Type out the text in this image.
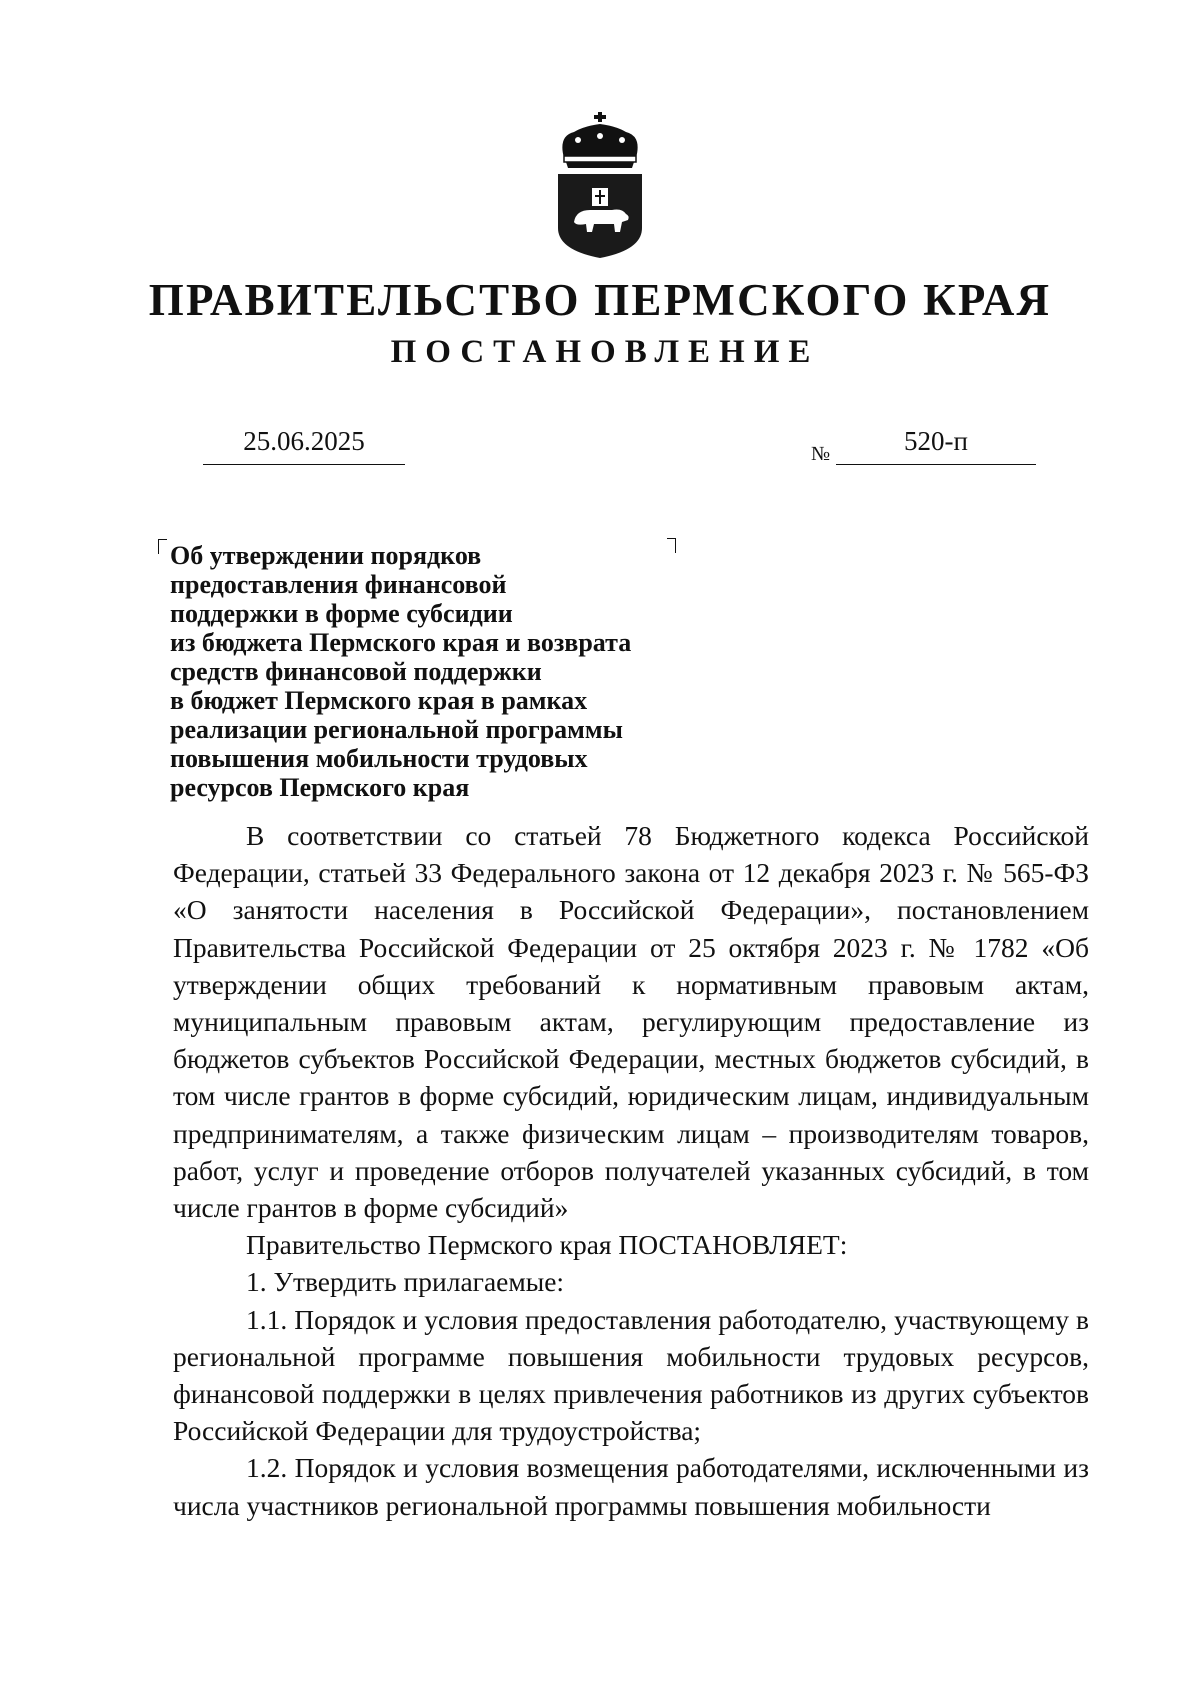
ПРАВИТЕЛЬСТВО ПЕРМСКОГО КРАЯ
ПОСТАНОВЛЕНИЕ
25.06.2025	№	520-п
Об утверждении порядков
предоставления финансовой
поддержки в форме субсидии
из бюджета Пермского края и возврата
средств финансовой поддержки
в бюджет Пермского края в рамках
реализации региональной программы
повышения мобильности трудовых
ресурсов Пермского края

В соответствии со статьей 78 Бюджетного кодекса Российской Федерации, статьей 33 Федерального закона от 12 декабря 2023 г. № 565-ФЗ «О занятости населения в Российской Федерации», постановлением Правительства Российской Федерации от 25 октября 2023 г. № 1782 «Об утверждении общих требований к нормативным правовым актам, муниципальным правовым актам, регулирующим предоставление из бюджетов субъектов Российской Федерации, местных бюджетов субсидий, в том числе грантов в форме субсидий, юридическим лицам, индивидуальным предпринимателям, а также физическим лицам – производителям товаров, работ, услуг и проведение отборов получателей указанных субсидий, в том числе грантов в форме субсидий»

Правительство Пермского края ПОСТАНОВЛЯЕТ:

1. Утвердить прилагаемые:

1.1. Порядок и условия предоставления работодателю, участвующему в региональной программе повышения мобильности трудовых ресурсов, финансовой поддержки в целях привлечения работников из других субъектов Российской Федерации для трудоустройства;

1.2. Порядок и условия возмещения работодателями, исключенными из числа участников региональной программы повышения мобильности
